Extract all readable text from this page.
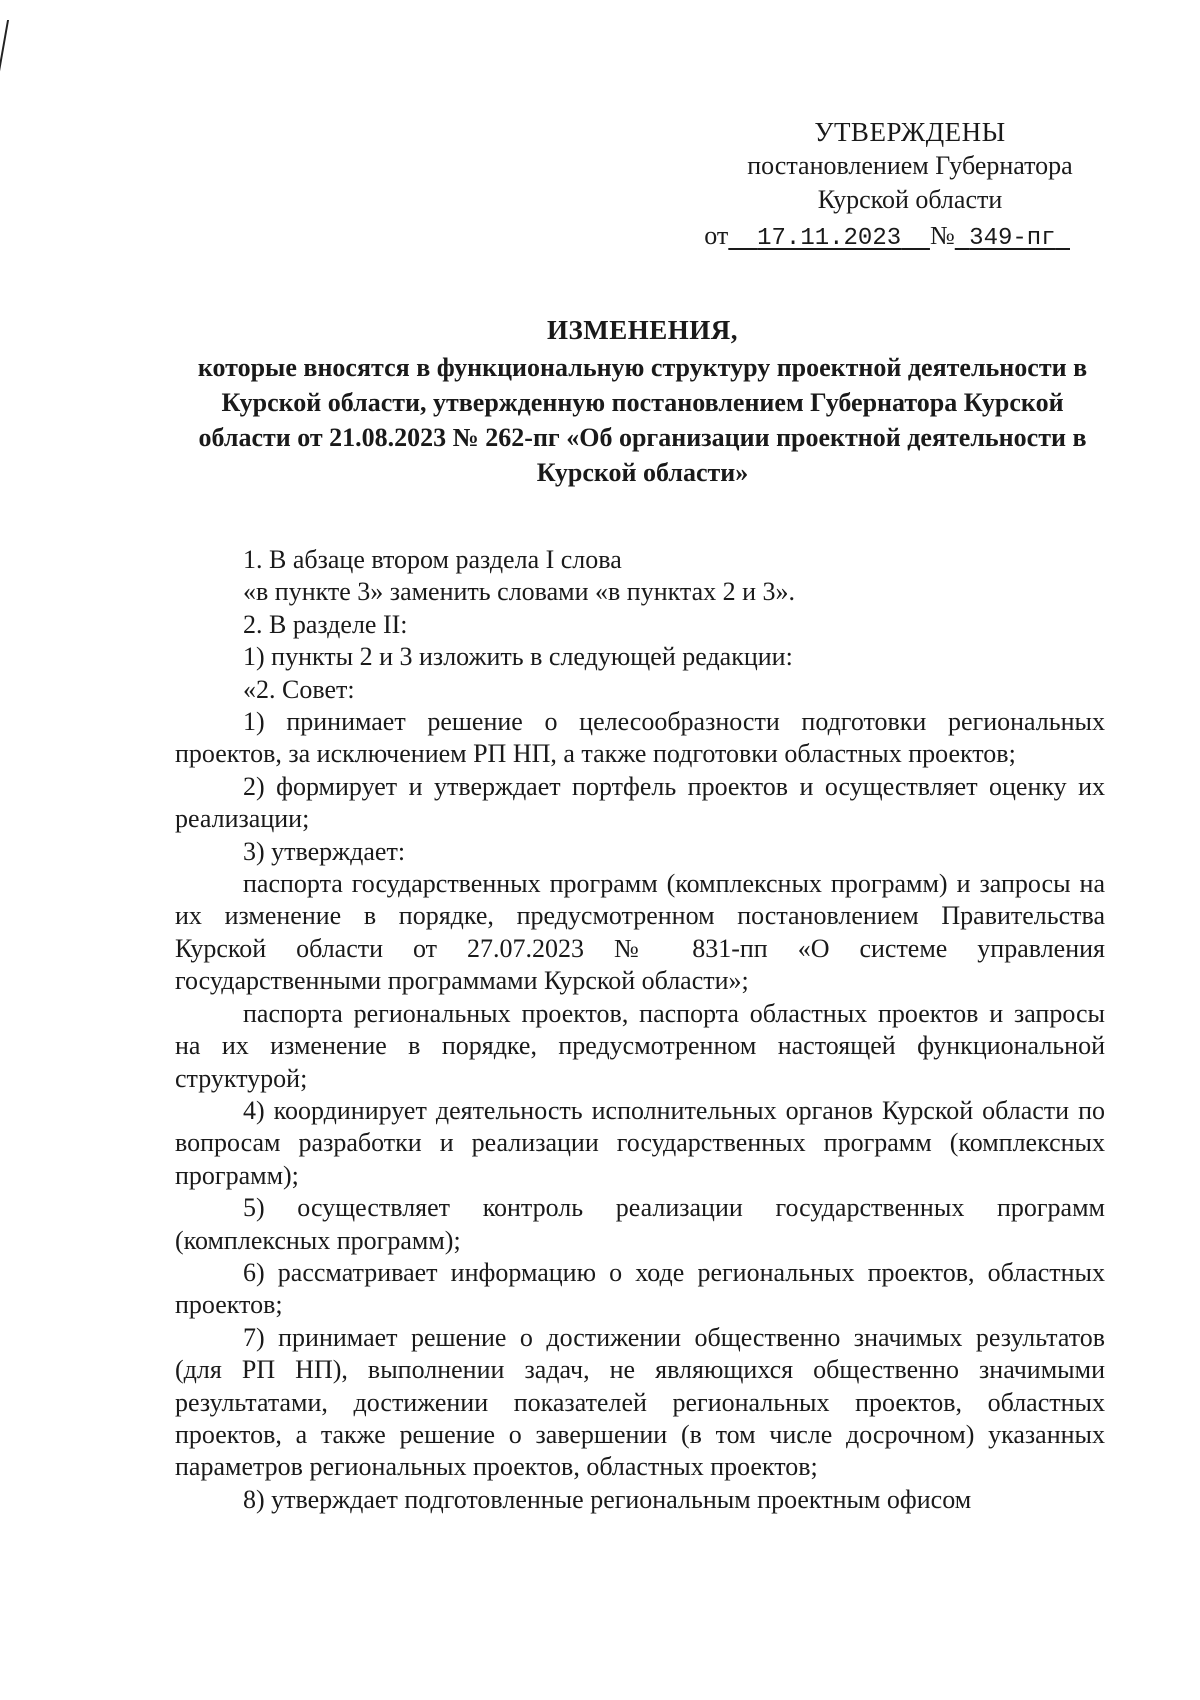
УТВЕРЖДЕНЫ
постановлением Губернатора
Курской области
от 17.11.2023 № 349-пг
ИЗМЕНЕНИЯ,
которые вносятся в функциональную структуру проектной деятельности в Курской области, утвержденную постановлением Губернатора Курской области от 21.08.2023 № 262-пг «Об организации проектной деятельности в Курской области»

1. В абзаце втором раздела I слова

«в пункте 3» заменить словами «в пунктах 2 и 3».

2. В разделе II:

1) пункты 2 и 3 изложить в следующей редакции:

«2. Совет:

1) принимает решение о целесообразности подготовки региональных проектов, за исключением РП НП, а также подготовки областных проектов;

2) формирует и утверждает портфель проектов и осуществляет оценку их реализации;

3) утверждает:

паспорта государственных программ (комплексных программ) и запросы на их изменение в порядке, предусмотренном постановлением Правительства Курской области от 27.07.2023 № 831-пп «О системе управления государственными программами Курской области»;

паспорта региональных проектов, паспорта областных проектов и запросы на их изменение в порядке, предусмотренном настоящей функциональной структурой;

4) координирует деятельность исполнительных органов Курской области по вопросам разработки и реализации государственных программ (комплексных программ);

5) осуществляет контроль реализации государственных программ (комплексных программ);

6) рассматривает информацию о ходе региональных проектов, областных проектов;

7) принимает решение о достижении общественно значимых результатов (для РП НП), выполнении задач, не являющихся общественно значимыми результатами, достижении показателей региональных проектов, областных проектов, а также решение о завершении (в том числе досрочном) указанных параметров региональных проектов, областных проектов;

8) утверждает подготовленные региональным проектным офисом
